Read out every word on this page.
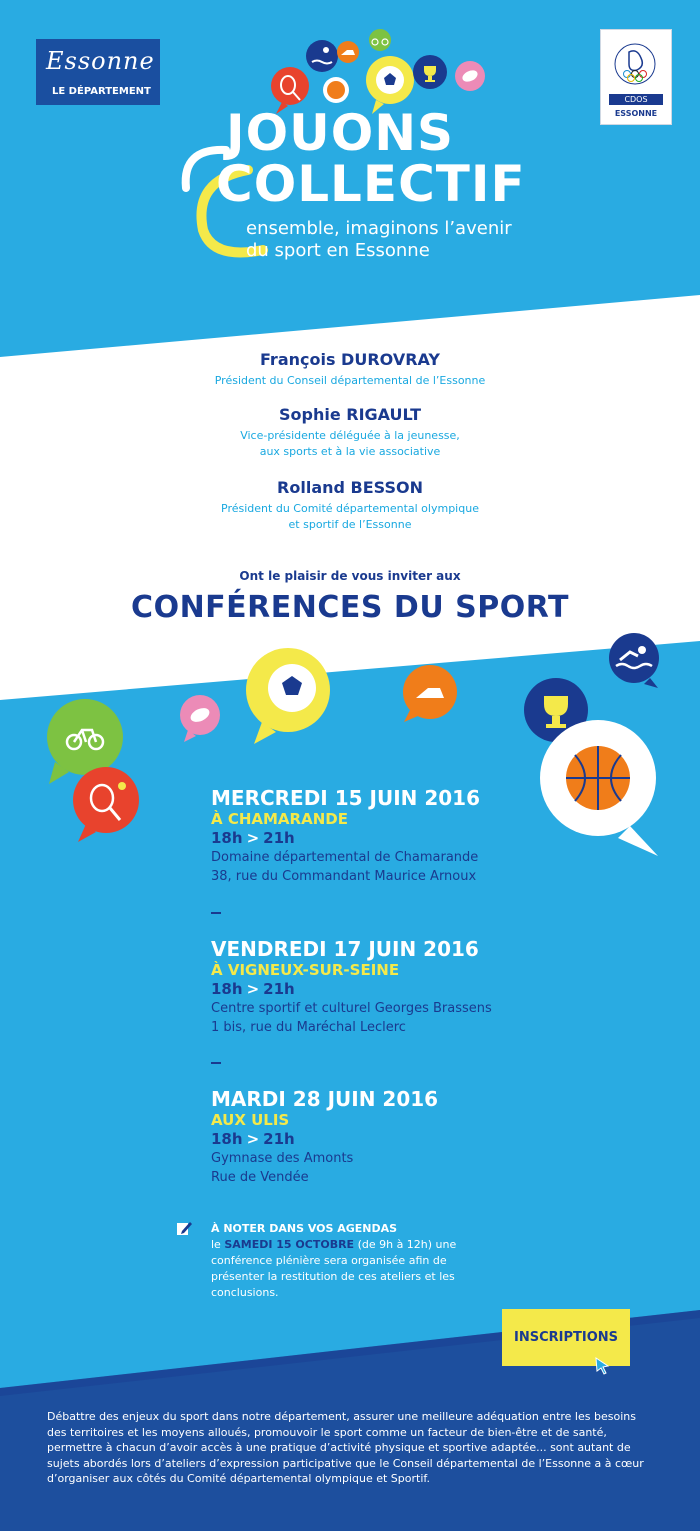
Essonne
LE DÉPARTEMENT
CDOS
ESSONNE
JOUONS
COLLECTIF
ensemble, imaginons l’avenir
du sport en Essonne
François DUROVRAY
Président du Conseil départemental de l’Essonne
Sophie RIGAULT
Vice-présidente déléguée à la jeunesse,
aux sports et à la vie associative
Rolland BESSON
Président du Comité départemental olympique
et sportif de l’Essonne
Ont le plaisir de vous inviter aux
CONFÉRENCES DU SPORT
MERCREDI 15 JUIN 2016
À CHAMARANDE
18h > 21h
Domaine départemental de Chamarande
38, rue du Commandant Maurice Arnoux
VENDREDI 17 JUIN 2016
À VIGNEUX-SUR-SEINE
18h > 21h
Centre sportif et culturel Georges Brassens
1 bis, rue du Maréchal Leclerc
MARDI 28 JUIN 2016
AUX ULIS
18h > 21h
Gymnase des Amonts
Rue de Vendée
À NOTER DANS VOS AGENDAS
le SAMEDI 15 OCTOBRE (de 9h à 12h) une conférence plénière sera organisée afin de présenter la restitution de ces ateliers et les conclusions.
INSCRIPTIONS
Débattre des enjeux du sport dans notre département, assurer une meilleure adéquation entre les besoins des territoires et les moyens alloués, promouvoir le sport comme un facteur de bien-être et de santé, permettre à chacun d’avoir accès à une pratique d’activité physique et sportive adaptée... sont autant de sujets abordés lors d’ateliers d’expression participative que le Conseil départemental de l’Essonne a à cœur d’organiser aux côtés du Comité départemental olympique et Sportif.
